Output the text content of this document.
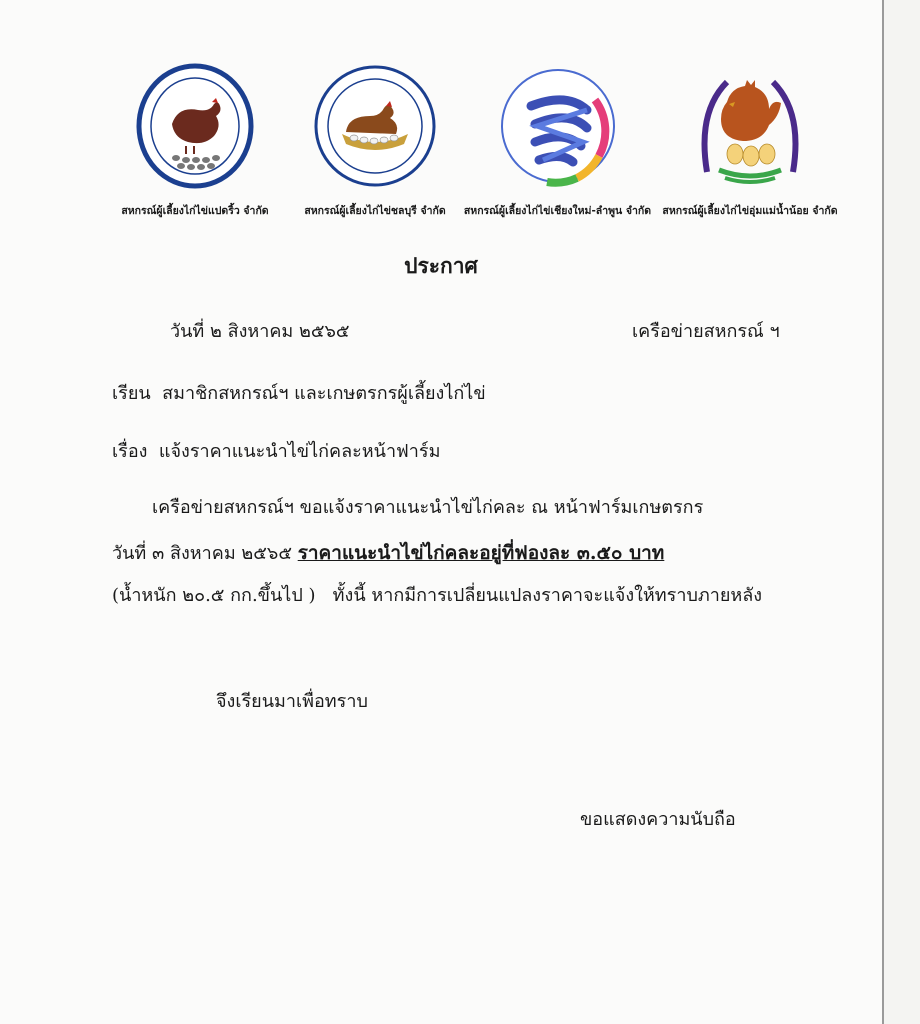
สหกรณ์ผู้เลี้ยงไก่ไข่แปดริ้ว จำกัด	สหกรณ์ผู้เลี้ยงไก่ไข่ชลบุรี จำกัด	สหกรณ์ผู้เลี้ยงไก่ไข่เชียงใหม่-ลำพูน จำกัด	สหกรณ์ผู้เลี้ยงไก่ไข่อุ่มแม่น้ำน้อย จำกัด
ประกาศ
วันที่ ๒ สิงหาคม ๒๕๖๕	เครือข่ายสหกรณ์ ฯ
เรียน สมาชิกสหกรณ์ฯ และเกษตรกรผู้เลี้ยงไก่ไข่
เรื่อง แจ้งราคาแนะนำไข่ไก่คละหน้าฟาร์ม
เครือข่ายสหกรณ์ฯ ขอแจ้งราคาแนะนำไข่ไก่คละ ณ หน้าฟาร์มเกษตรกร
วันที่ ๓ สิงหาคม ๒๕๖๕ ราคาแนะนำไข่ไก่คละอยู่ที่ฟองละ ๓.๕๐ บาท
(น้ำหนัก ๒๐.๕ กก.ขึ้นไป ) ทั้งนี้ หากมีการเปลี่ยนแปลงราคาจะแจ้งให้ทราบภายหลัง
จึงเรียนมาเพื่อทราบ
ขอแสดงความนับถือ
